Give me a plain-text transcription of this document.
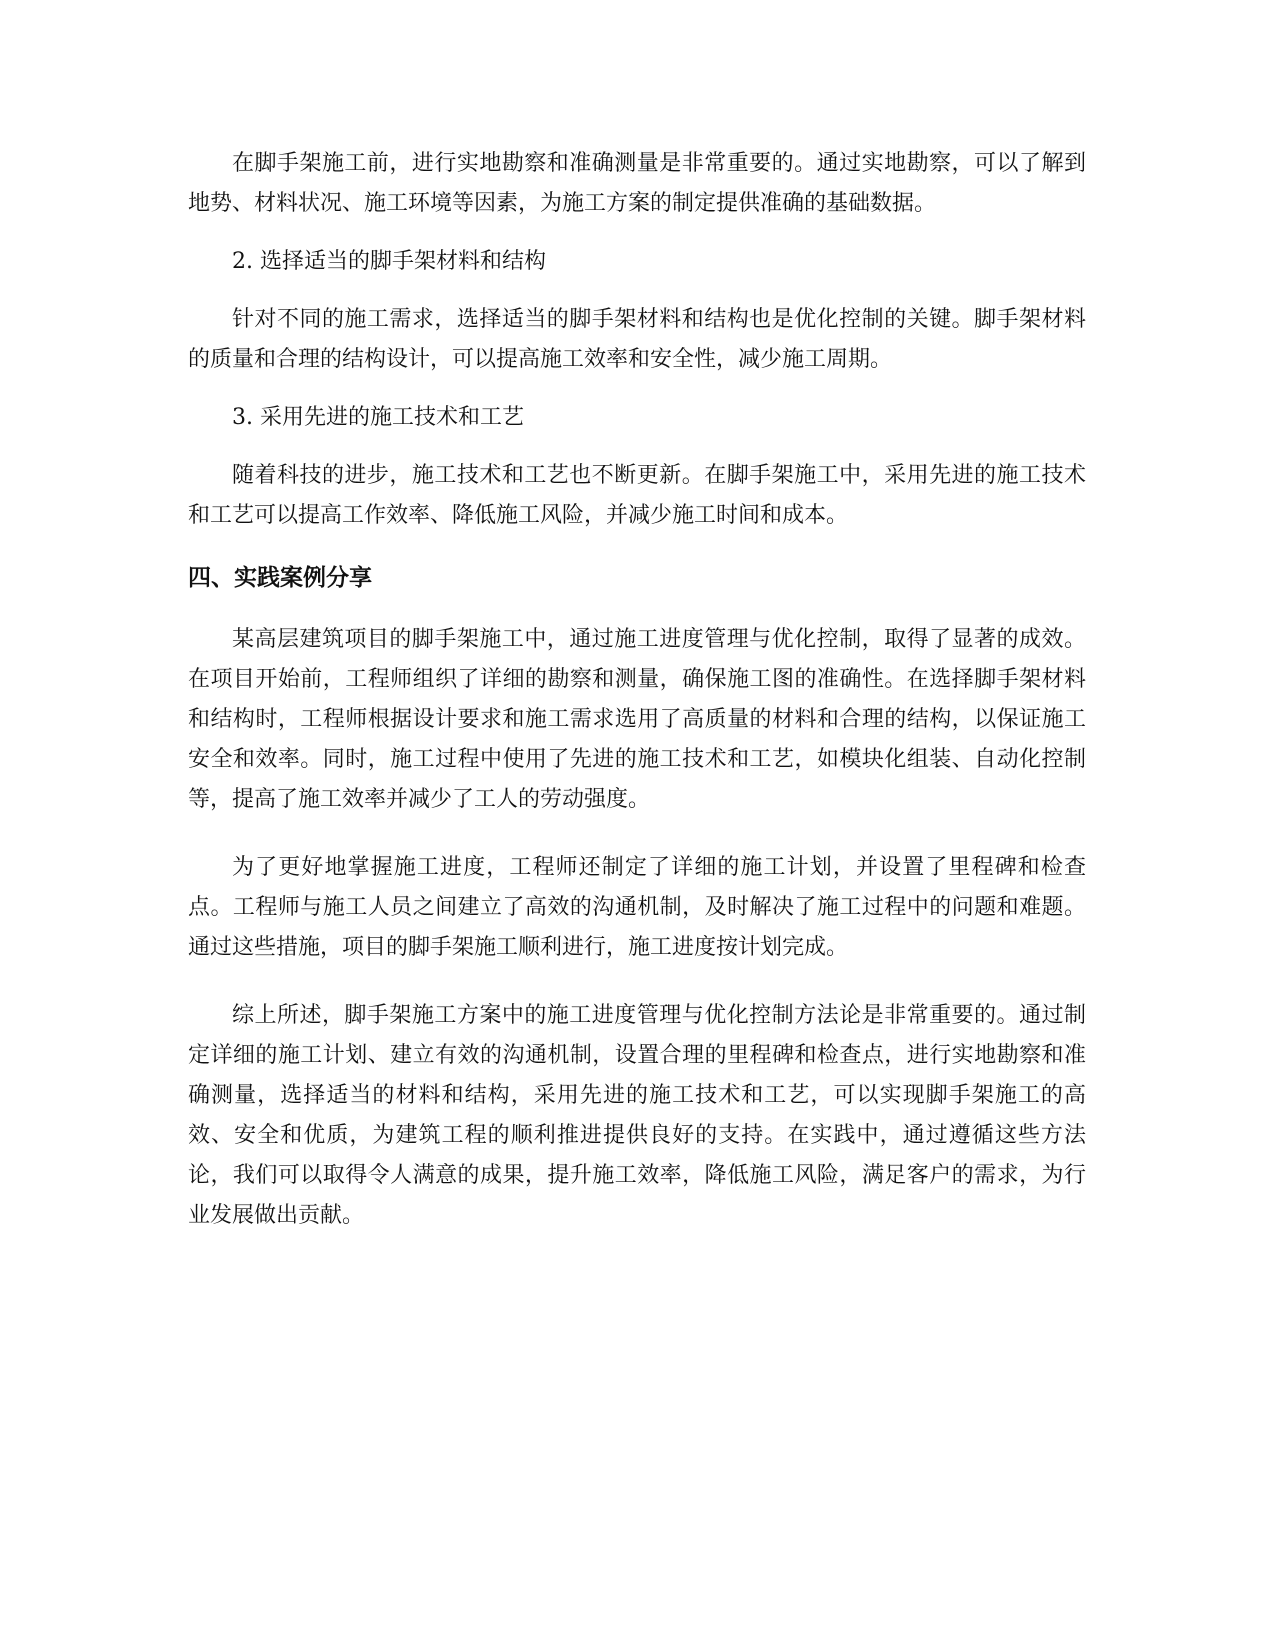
在脚手架施工前，进行实地勘察和准确测量是非常重要的。通过实地勘察，可以了解到地势、材料状况、施工环境等因素，为施工方案的制定提供准确的基础数据。

2. 选择适当的脚手架材料和结构

针对不同的施工需求，选择适当的脚手架材料和结构也是优化控制的关键。脚手架材料的质量和合理的结构设计，可以提高施工效率和安全性，减少施工周期。

3. 采用先进的施工技术和工艺

随着科技的进步，施工技术和工艺也不断更新。在脚手架施工中，采用先进的施工技术和工艺可以提高工作效率、降低施工风险，并减少施工时间和成本。

四、实践案例分享

某高层建筑项目的脚手架施工中，通过施工进度管理与优化控制，取得了显著的成效。在项目开始前，工程师组织了详细的勘察和测量，确保施工图的准确性。在选择脚手架材料和结构时，工程师根据设计要求和施工需求选用了高质量的材料和合理的结构，以保证施工安全和效率。同时，施工过程中使用了先进的施工技术和工艺，如模块化组装、自动化控制等，提高了施工效率并减少了工人的劳动强度。

为了更好地掌握施工进度，工程师还制定了详细的施工计划，并设置了里程碑和检查点。工程师与施工人员之间建立了高效的沟通机制，及时解决了施工过程中的问题和难题。通过这些措施，项目的脚手架施工顺利进行，施工进度按计划完成。

综上所述，脚手架施工方案中的施工进度管理与优化控制方法论是非常重要的。通过制定详细的施工计划、建立有效的沟通机制，设置合理的里程碑和检查点，进行实地勘察和准确测量，选择适当的材料和结构，采用先进的施工技术和工艺，可以实现脚手架施工的高效、安全和优质，为建筑工程的顺利推进提供良好的支持。在实践中，通过遵循这些方法论，我们可以取得令人满意的成果，提升施工效率，降低施工风险，满足客户的需求，为行业发展做出贡献。
